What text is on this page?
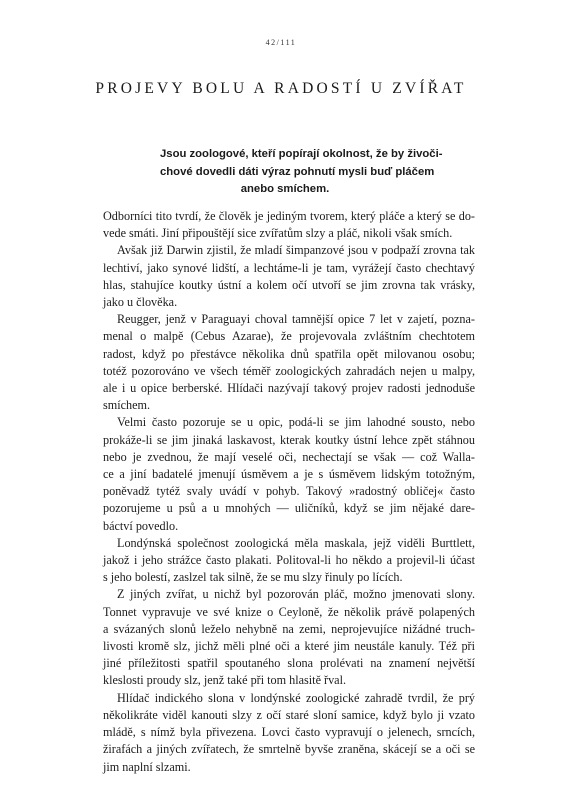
42/111
PROJEVY BOLU A RADOSTÍ U ZVÍŘAT
Jsou zoologové, kteří popírají okolnost, že by živoči-
chové dovedli dáti výraz pohnutí mysli buď pláčem
anebo smíchem.

Odborníci tito tvrdí, že člověk je jediným tvorem, který pláče a který se do-
vede smáti. Jiní připouštějí sice zvířatům slzy a pláč, nikoli však smích.

Avšak již Darwin zjistil, že mladí šimpanzové jsou v podpaží zrovna tak
lechtiví, jako synové lidští, a lechtáme-li je tam, vyrážejí často chechtavý
hlas, stahujíce koutky ústní a kolem očí utvoří se jim zrovna tak vrásky,
jako u člověka.

Reugger, jenž v Paraguayi choval tamnější opice 7 let v zajetí, pozna-
menal o malpě (Cebus Azarae), že projevovala zvláštním chechtotem
radost, když po přestávce několika dnů spatřila opět milovanou osobu;
totéž pozorováno ve všech téměř zoologických zahradách nejen u malpy,
ale i u opice berberské. Hlídači nazývají takový projev radosti jednoduše
smíchem.

Velmi často pozoruje se u opic, podá-li se jim lahodné sousto, nebo
prokáže-li se jim jinaká laskavost, kterak koutky ústní lehce zpět stáhnou
nebo je zvednou, že mají veselé oči, nechectají se však — což Walla-
ce a jiní badatelé jmenují úsměvem a je s úsměvem lidským totožným,
poněvadž tytéž svaly uvádí v pohyb. Takový »radostný obličej« často
pozorujeme u psů a u mnohých — uličníků, když se jim nějaké dare-
báctví povedlo.

Londýnská společnost zoologická měla maskala, jejž viděli Burttlett,
jakož i jeho strážce často plakati. Politoval-li ho někdo a projevil-li účast
s jeho bolestí, zaslzel tak silně, že se mu slzy řinuly po lících.

Z jiných zvířat, u nichž byl pozorován pláč, možno jmenovati slony.
Tonnet vypravuje ve své knize o Ceyloně, že několik právě polapených
a svázaných slonů leželo nehybně na zemi, neprojevujíce nižádné truch-
livosti kromě slz, jichž měli plné oči a které jim neustále kanuly. Též při
jiné příležitosti spatřil spoutaného slona prolévati na znamení největší
kleslosti proudy slz, jenž také při tom hlasitě řval.

Hlídač indického slona v londýnské zoologické zahradě tvrdil, že prý
několikráte viděl kanouti slzy z očí staré sloní samice, když bylo ji vzato
mládě, s nímž byla přivezena. Lovci často vypravují o jelenech, srncích,
žirafách a jiných zvířatech, že smrtelně byvše zraněna, skácejí se a oči se
jim naplní slzami.
